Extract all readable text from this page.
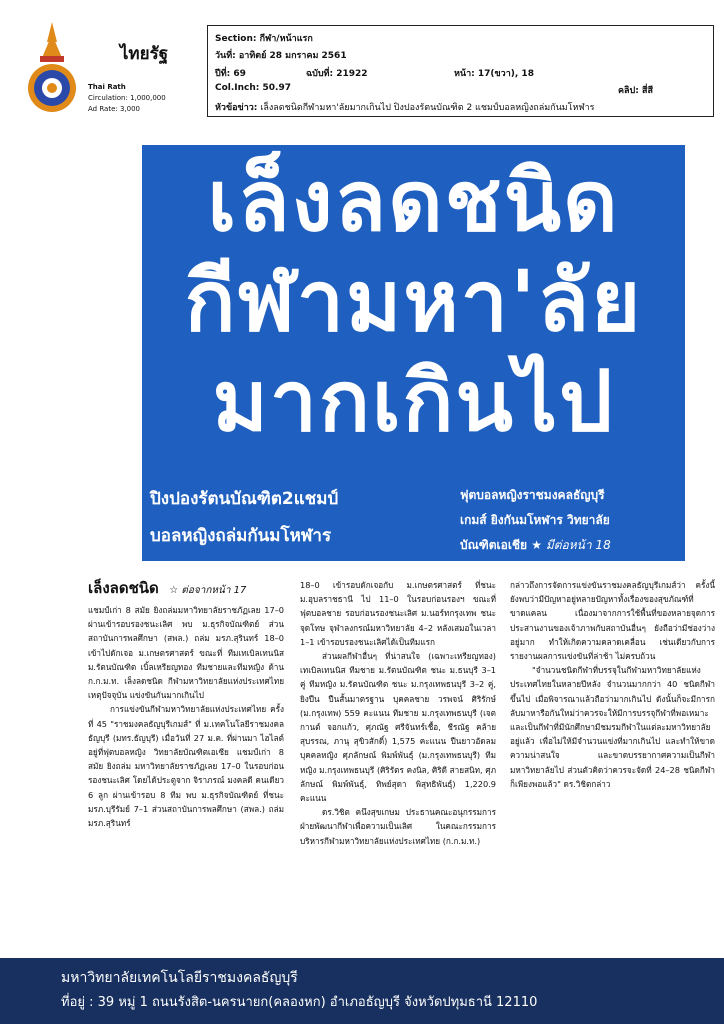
ไทยรัฐ
Thai Rath
Circulation: 1,000,000
Ad Rate: 3,000
Section: กีฬา/หน้าแรก
วันที่: อาทิตย์ 28 มกราคม 2561
ปีที่: 69	ฉบับที่: 21922	หน้า: 17(ขวา), 18
Col.Inch: 50.97	คลิป: สี่สี
หัวข้อข่าว: เล็งลดชนิดกีฬามหา'ลัยมากเกินไป ปิงปองรัตนบัณฑิต 2 แชมป์บอลหญิงถล่มกันมโหฬาร
เล็งลดชนิด
กีฬามหา'ลัย
มากเกินไป
ปิงปองรัตนบัณฑิต2แชมป์
บอลหญิงถล่มกันมโหฬาร
ฟุตบอลหญิงราชมงคลธัญบุรี
เกมส์ ยิงกันมโหฬาร วิทยาลัย
บัณฑิตเอเชีย ★ มีต่อหน้า 18
เล็งลดชนิด ☆ ต่อจากหน้า 17

แชมป์เก่า 8 สมัย ยิงถล่มมหาวิทยาลัยราชภัฏเลย 17–0 ผ่านเข้ารอบรองชนะเลิศ พบ ม.ธุรกิจบัณฑิตย์ ส่วนสถาบันการพลศึกษา (สพล.) ถล่ม มรภ.สุรินทร์ 18–0 เข้าไปดักเจอ ม.เกษตรศาสตร์ ขณะที่ ทีมเทเบิลเทนนิส ม.รัตนบัณฑิต เบิ้ลเหรียญทอง ทีมชายและทีมหญิง ด้าน ก.ก.ม.ท. เล็งลดชนิด กีฬามหาวิทยาลัยแห่งประเทศไทย เหตุปัจจุบัน แข่งขันกันมากเกินไป

การแข่งขันกีฬามหาวิทยาลัยแห่งประเทศไทย ครั้งที่ 45 "ราชมงคลธัญบุรีเกมส์" ที่ ม.เทคโนโลยีราชมงคลธัญบุรี (มทร.ธัญบุรี) เมื่อวันที่ 27 ม.ค. ที่ผ่านมา ไฮไลต์อยู่ที่ฟุตบอลหญิง วิทยาลัยบัณฑิตเอเซีย แชมป์เก่า 8 สมัย ยิงถล่ม มหาวิทยาลัยราชภัฏเลย 17–0 ในรอบก่อนรองชนะเลิศ โดยได้ประตูจาก จิราภรณ์ มงคลดี คนเดียว 6 ลูก ผ่านเข้ารอบ 8 ทีม พบ ม.ธุรกิจบัณฑิตย์ ที่ชนะ มรภ.บุรีรัมย์ 7–1 ส่วนสถาบันการพลศึกษา (สพล.) ถล่ม มรภ.สุรินทร์

18–0 เข้ารอบดักเจอกับ ม.เกษตรศาสตร์ ที่ชนะ ม.อุบลราชธานี ไป 11–0 ในรอบก่อนรองฯ ขณะที่ ฟุตบอลชาย รอบก่อนรองชนะเลิศ ม.นอร์ทกรุงเทพ ชนะจุดโทษ จุฬาลงกรณ์มหาวิทยาลัย 4–2 หลังเสมอในเวลา 1–1 เข้ารอบรองชนะเลิศได้เป็นทีมแรก

ส่วนผลกีฬาอื่นๆ ที่น่าสนใจ (เฉพาะเหรียญทอง) เทเบิลเทนนิส ทีมชาย ม.รัตนบัณฑิต ชนะ ม.ธนบุรี 3–1 คู่ ทีมหญิง ม.รัตนบัณฑิต ชนะ ม.กรุงเทพธนบุรี 3–2 คู่, ยิงปืน ปืนสั้นมาตรฐาน บุคคลชาย วรพจน์ ศิริรักษ์ (ม.กรุงเทพ) 559 คะแนน ทีมชาย ม.กรุงเทพธนบุรี (เจตกานต์ จอกแก้ว, ศุภณัฐ ศรีจันทร์เชื้อ, ชีรณัฐ คล้ายสุบรรณ, ภานุ สุขิวสักดิ์) 1,575 คะแนน ปืนยาวอัดลม บุคคลหญิง ศุภลักษณ์ พิมพ์พันธุ์ (ม.กรุงเทพธนบุรี) ทีมหญิง ม.กรุงเทพธนบุรี (ศิริรัตร คงนิล, ศิริดี สายสนิท, ศุภลักษณ์ พิมพ์พันธุ์, ทิพย์สุดา พิสุทธิพันธุ์) 1,220.9 คะแนน

ดร.วิชิต คนึงสุขเกษม ประธานคณะอนุกรรมการฝ่ายพัฒนากีฬาเพื่อความเป็นเลิศ ในคณะกรรมการบริหารกีฬามหาวิทยาลัยแห่งประเทศไทย (ก.ก.ม.ท.)

กล่าวถึงการจัดการแข่งขันราชมงคลธัญบุรีเกมส์ว่า ครั้งนี้ยังพบว่ามีปัญหาอยู่หลายปัญหาทั้งเรื่องของสุขภัณฑ์ที่ขาดแคลน เนื่องมาจากการใช้พื้นที่ของหลายจุดการประสานงานของเจ้าภาพกับสถาบันอื่นๆ ยังถือว่ามีช่องว่างอยู่มาก ทำให้เกิดความคลาดเคลื่อน เช่นเดียวกับการรายงานผลการแข่งขันที่ล่าช้า ไม่ครบถ้วน

"จำนวนชนิดกีฬาที่บรรจุในกีฬามหาวิทยาลัยแห่งประเทศไทยในหลายปีหลัง จำนวนมากกว่า 40 ชนิดกีฬาขึ้นไป เมื่อพิจารณาแล้วถือว่ามากเกินไป ดังนั้นก็จะมีการกลับมาหารือกันใหม่ว่าควรจะให้มีการบรรจุกีฬาที่พอเหมาะและเป็นกีฬาที่มีนักศึกษามีชมรมกีฬาในแต่ละมหาวิทยาลัยอยู่แล้ว เพื่อไม่ให้มีจำนวนแข่งที่มากเกินไป และทำให้ขาดความน่าสนใจ และขาดบรรยากาศความเป็นกีฬามหาวิทยาลัยไป ส่วนตัวคิดว่าควรจะจัดที่ 24–28 ชนิดกีฬาก็เพียงพอแล้ว" ดร.วิชิตกล่าว

มหาวิทยาลัยเทคโนโลยีราชมงคลธัญบุรี
ที่อยู่ : 39 หมู่ 1 ถนนรังสิต-นครนายก(คลองหก) อำเภอธัญบุรี จังหวัดปทุมธานี 12110
